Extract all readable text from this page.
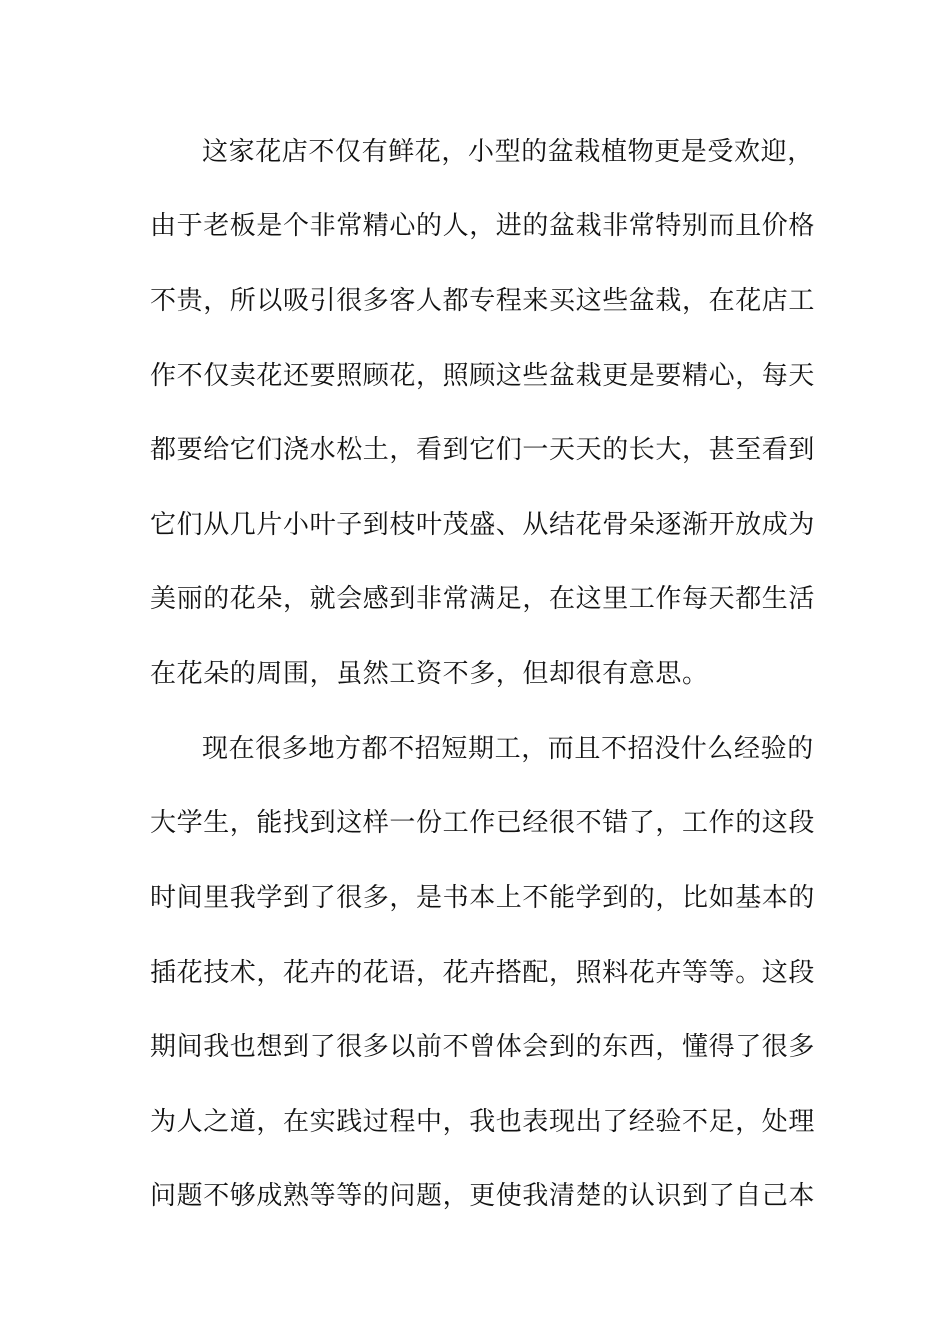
这家花店不仅有鲜花，小型的盆栽植物更是受欢迎，
由于老板是个非常精心的人，进的盆栽非常特别而且价格
不贵，所以吸引很多客人都专程来买这些盆栽，在花店工
作不仅卖花还要照顾花，照顾这些盆栽更是要精心，每天
都要给它们浇水松土，看到它们一天天的长大，甚至看到
它们从几片小叶子到枝叶茂盛、从结花骨朵逐渐开放成为
美丽的花朵，就会感到非常满足，在这里工作每天都生活
在花朵的周围，虽然工资不多，但却很有意思。
现在很多地方都不招短期工，而且不招没什么经验的
大学生，能找到这样一份工作已经很不错了，工作的这段
时间里我学到了很多，是书本上不能学到的，比如基本的
插花技术，花卉的花语，花卉搭配，照料花卉等等。这段
期间我也想到了很多以前不曾体会到的东西，懂得了很多
为人之道，在实践过程中，我也表现出了经验不足，处理
问题不够成熟等等的问题，更使我清楚的认识到了自己本
